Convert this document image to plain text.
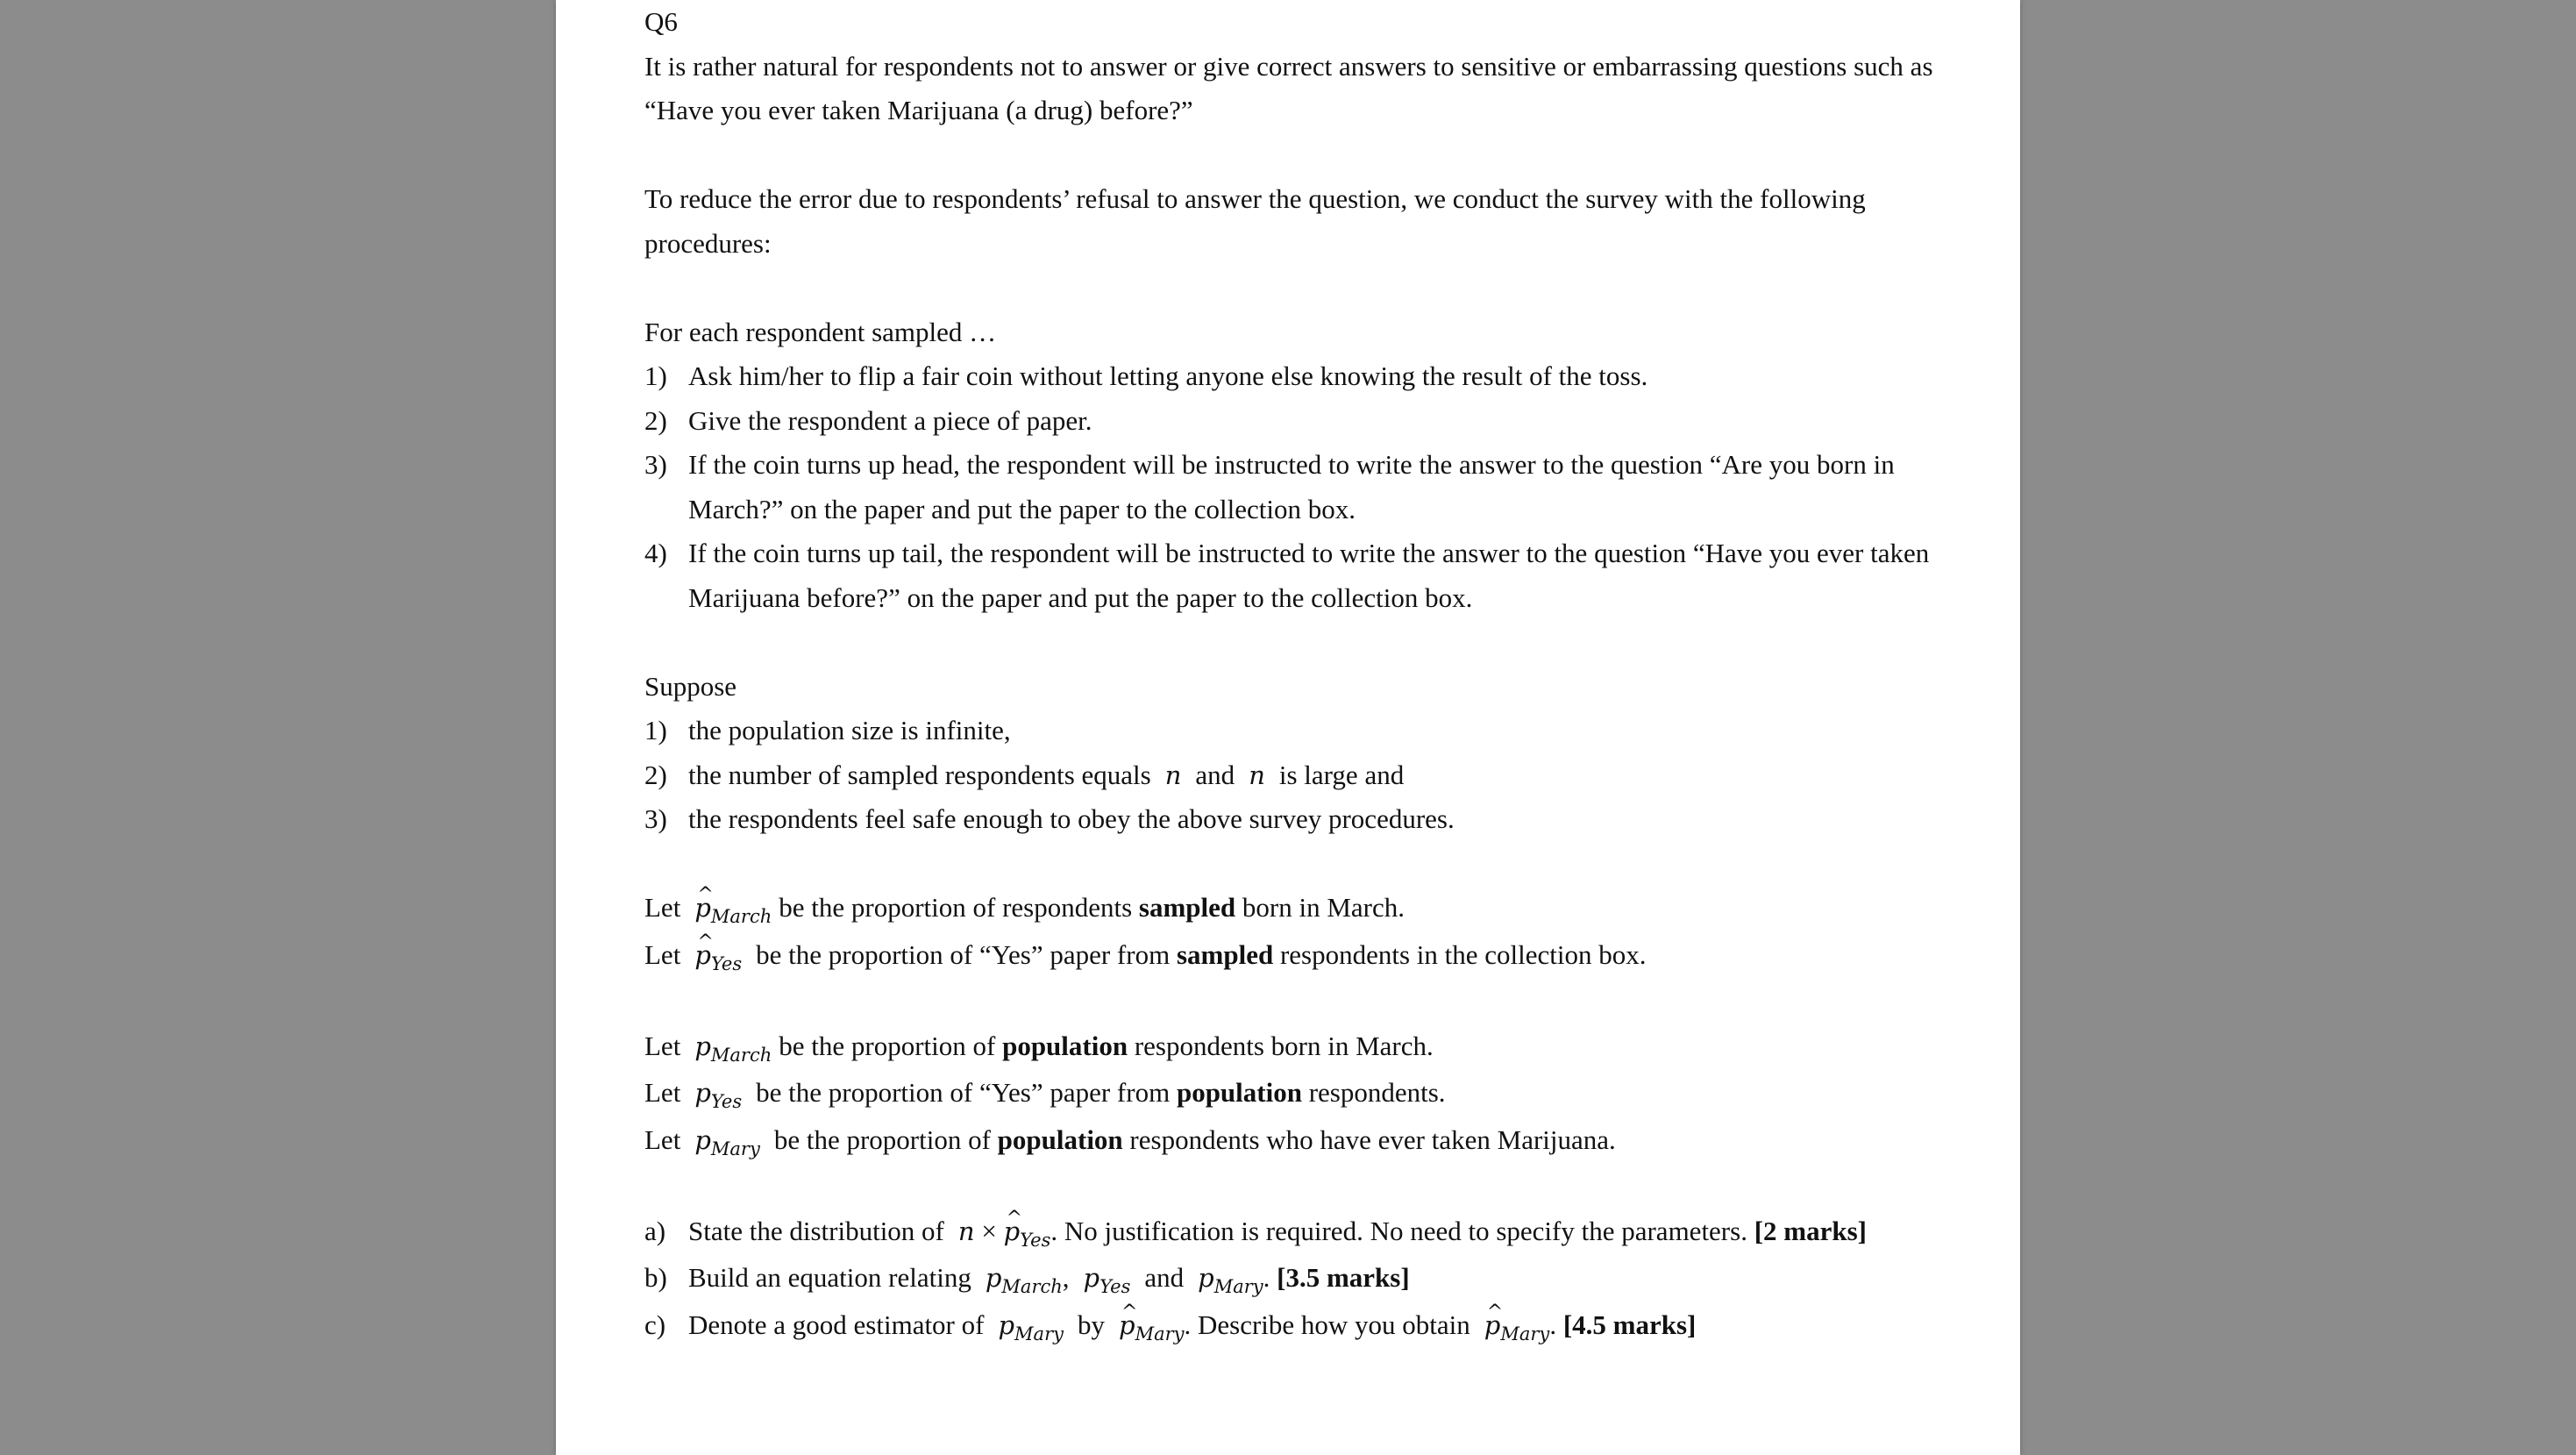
Q6
It is rather natural for respondents not to answer or give correct answers to sensitive or embarrassing questions such as
“Have you ever taken Marijuana (a drug) before?”
To reduce the error due to respondents’ refusal to answer the question, we conduct the survey with the following
procedures:
For each respondent sampled …
1) Ask him/her to flip a fair coin without letting anyone else knowing the result of the toss.
2) Give the respondent a piece of paper.
3) If the coin turns up head, the respondent will be instructed to write the answer to the question “Are you born in
March?” on the paper and put the paper to the collection box.
4) If the coin turns up tail, the respondent will be instructed to write the answer to the question “Have you ever taken
Marijuana before?” on the paper and put the paper to the collection box.
Suppose
1) the population size is infinite,
2) the number of sampled respondents equals n and n is large and
3) the respondents feel safe enough to obey the above survey procedures.
Let ^ $p_{March}$ be the proportion of respondents sampled born in March.
Let ^ $p_{Yes}$ be the proportion of “Yes” paper from sampled respondents in the collection box.
Let $p_{March}$ be the proportion of population respondents born in March.
Let $p_{Yes}$ be the proportion of “Yes” paper from population respondents.
Let $p_{Mary}$ be the proportion of population respondents who have ever taken Marijuana.
a) State the distribution of n × ^ $p_{Yes}$. No justification is required. No need to specify the parameters. [2 marks]
b) Build an equation relating $p_{March}$, $p_{Yes}$ and $p_{Mary}$. [3.5 marks]
c) Denote a good estimator of $p_{Mary}$ by ^ $p_{Mary}$. Describe how you obtain ^ $p_{Mary}$. [4.5 marks]
